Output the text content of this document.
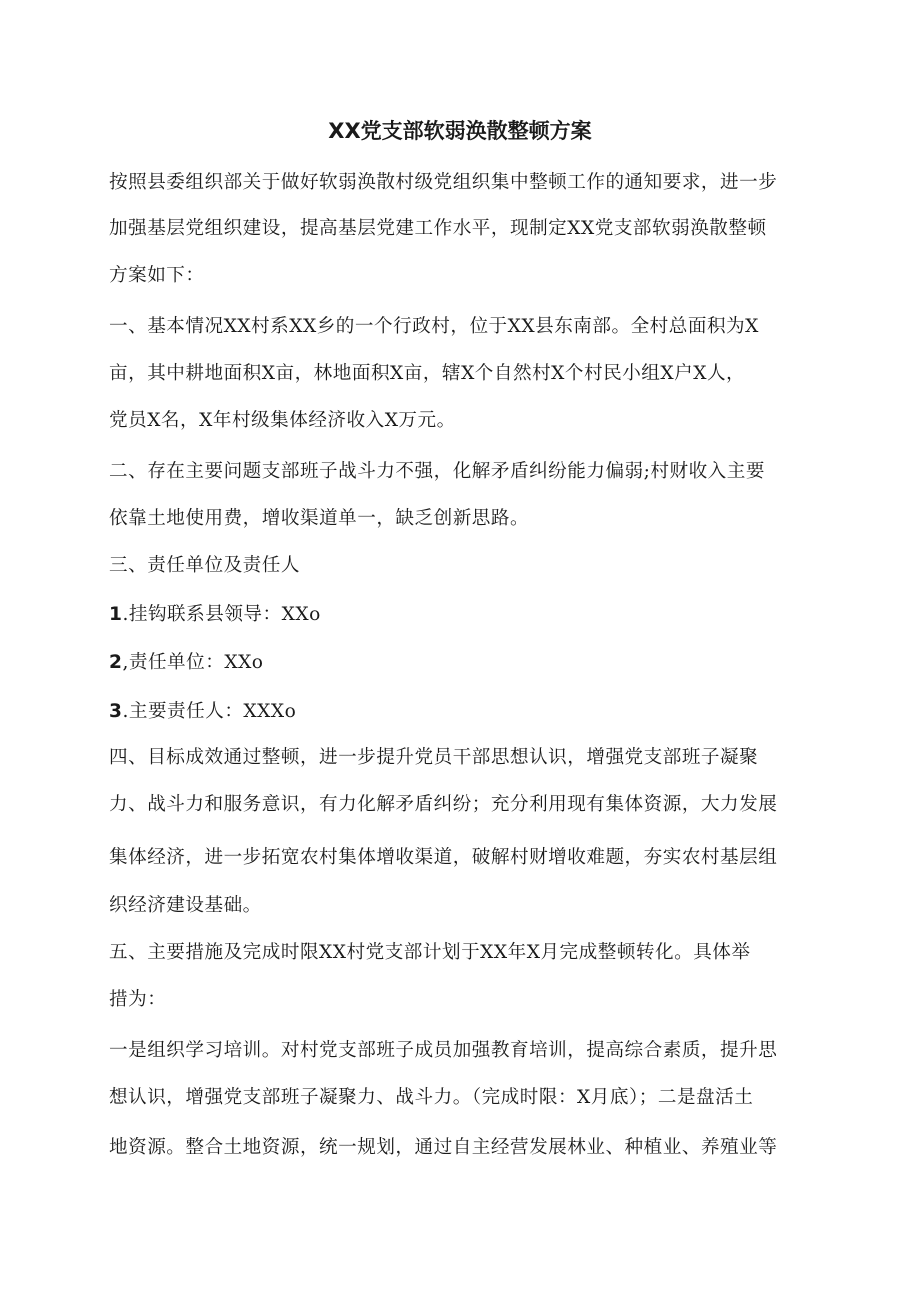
XX党支部软弱涣散整顿方案
按照县委组织部关于做好软弱涣散村级党组织集中整顿工作的通知要求，进一步
加强基层党组织建设，提高基层党建工作水平，现制定XX党支部软弱涣散整顿
方案如下：
一、基本情况XX村系XX乡的一个行政村，位于XX县东南部。全村总面积为X
亩，其中耕地面积X亩，林地面积X亩，辖X个自然村X个村民小组X户X人，
党员X名，X年村级集体经济收入X万元。
二、存在主要问题支部班子战斗力不强，化解矛盾纠纷能力偏弱;村财收入主要
依靠土地使用费，增收渠道单一，缺乏创新思路。
三、责任单位及责任人
1.挂钩联系县领导：XXo
2,责任单位：XXo
3.主要责任人：XXXo
四、目标成效通过整顿，进一步提升党员干部思想认识，增强党支部班子凝聚
力、战斗力和服务意识，有力化解矛盾纠纷；充分利用现有集体资源，大力发展
集体经济，进一步拓宽农村集体增收渠道，破解村财增收难题，夯实农村基层组
织经济建设基础。
五、主要措施及完成时限XX村党支部计划于XX年X月完成整顿转化。具体举
措为：
一是组织学习培训。对村党支部班子成员加强教育培训，提高综合素质，提升思
想认识，增强党支部班子凝聚力、战斗力。（完成时限：X月底）；二是盘活土
地资源。整合土地资源，统一规划，通过自主经营发展林业、种植业、养殖业等
